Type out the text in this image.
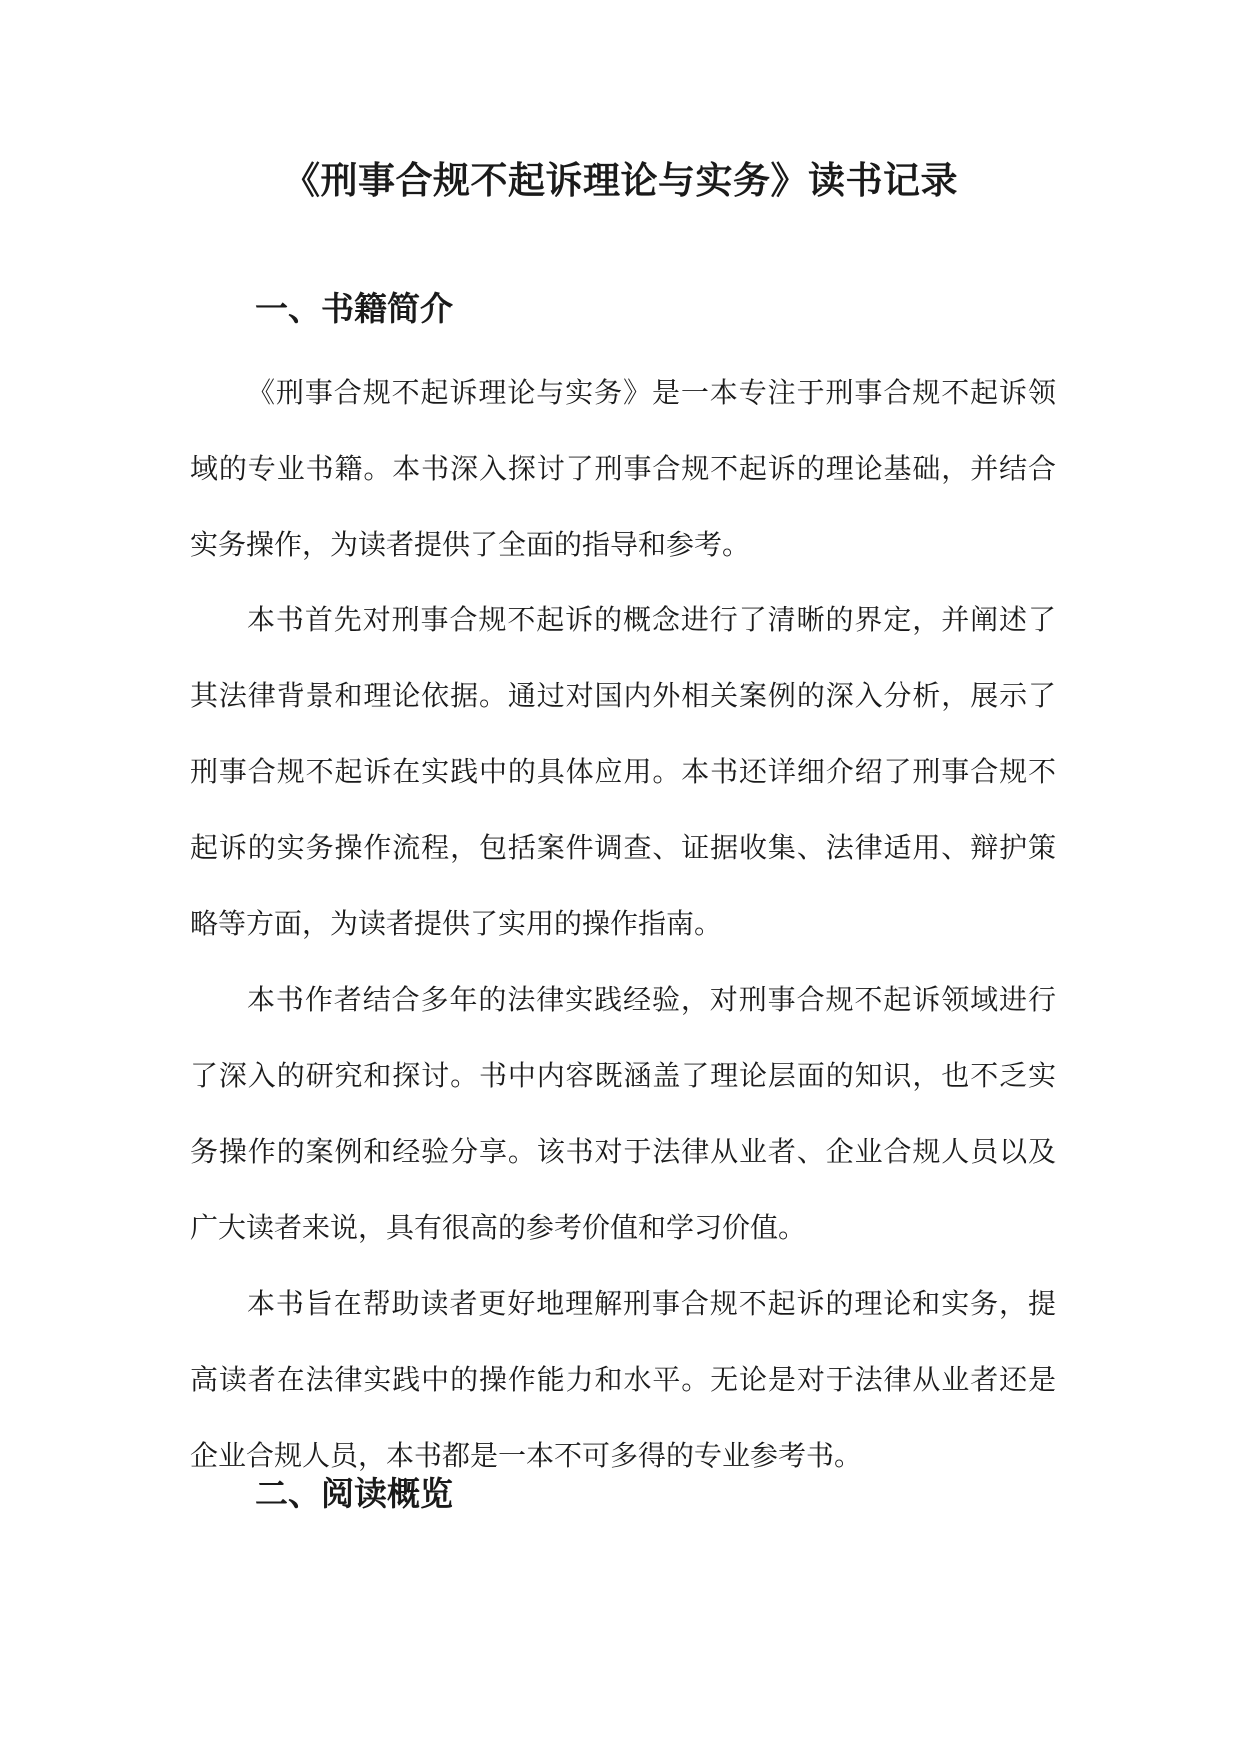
《刑事合规不起诉理论与实务》读书记录
一、书籍简介

《刑事合规不起诉理论与实务》是一本专注于刑事合规不起诉领域的专业书籍。本书深入探讨了刑事合规不起诉的理论基础，并结合实务操作，为读者提供了全面的指导和参考。

本书首先对刑事合规不起诉的概念进行了清晰的界定，并阐述了其法律背景和理论依据。通过对国内外相关案例的深入分析，展示了刑事合规不起诉在实践中的具体应用。本书还详细介绍了刑事合规不起诉的实务操作流程，包括案件调查、证据收集、法律适用、辩护策略等方面，为读者提供了实用的操作指南。

本书作者结合多年的法律实践经验，对刑事合规不起诉领域进行了深入的研究和探讨。书中内容既涵盖了理论层面的知识，也不乏实务操作的案例和经验分享。该书对于法律从业者、企业合规人员以及广大读者来说，具有很高的参考价值和学习价值。

本书旨在帮助读者更好地理解刑事合规不起诉的理论和实务，提高读者在法律实践中的操作能力和水平。无论是对于法律从业者还是企业合规人员，本书都是一本不可多得的专业参考书。

二、阅读概览
